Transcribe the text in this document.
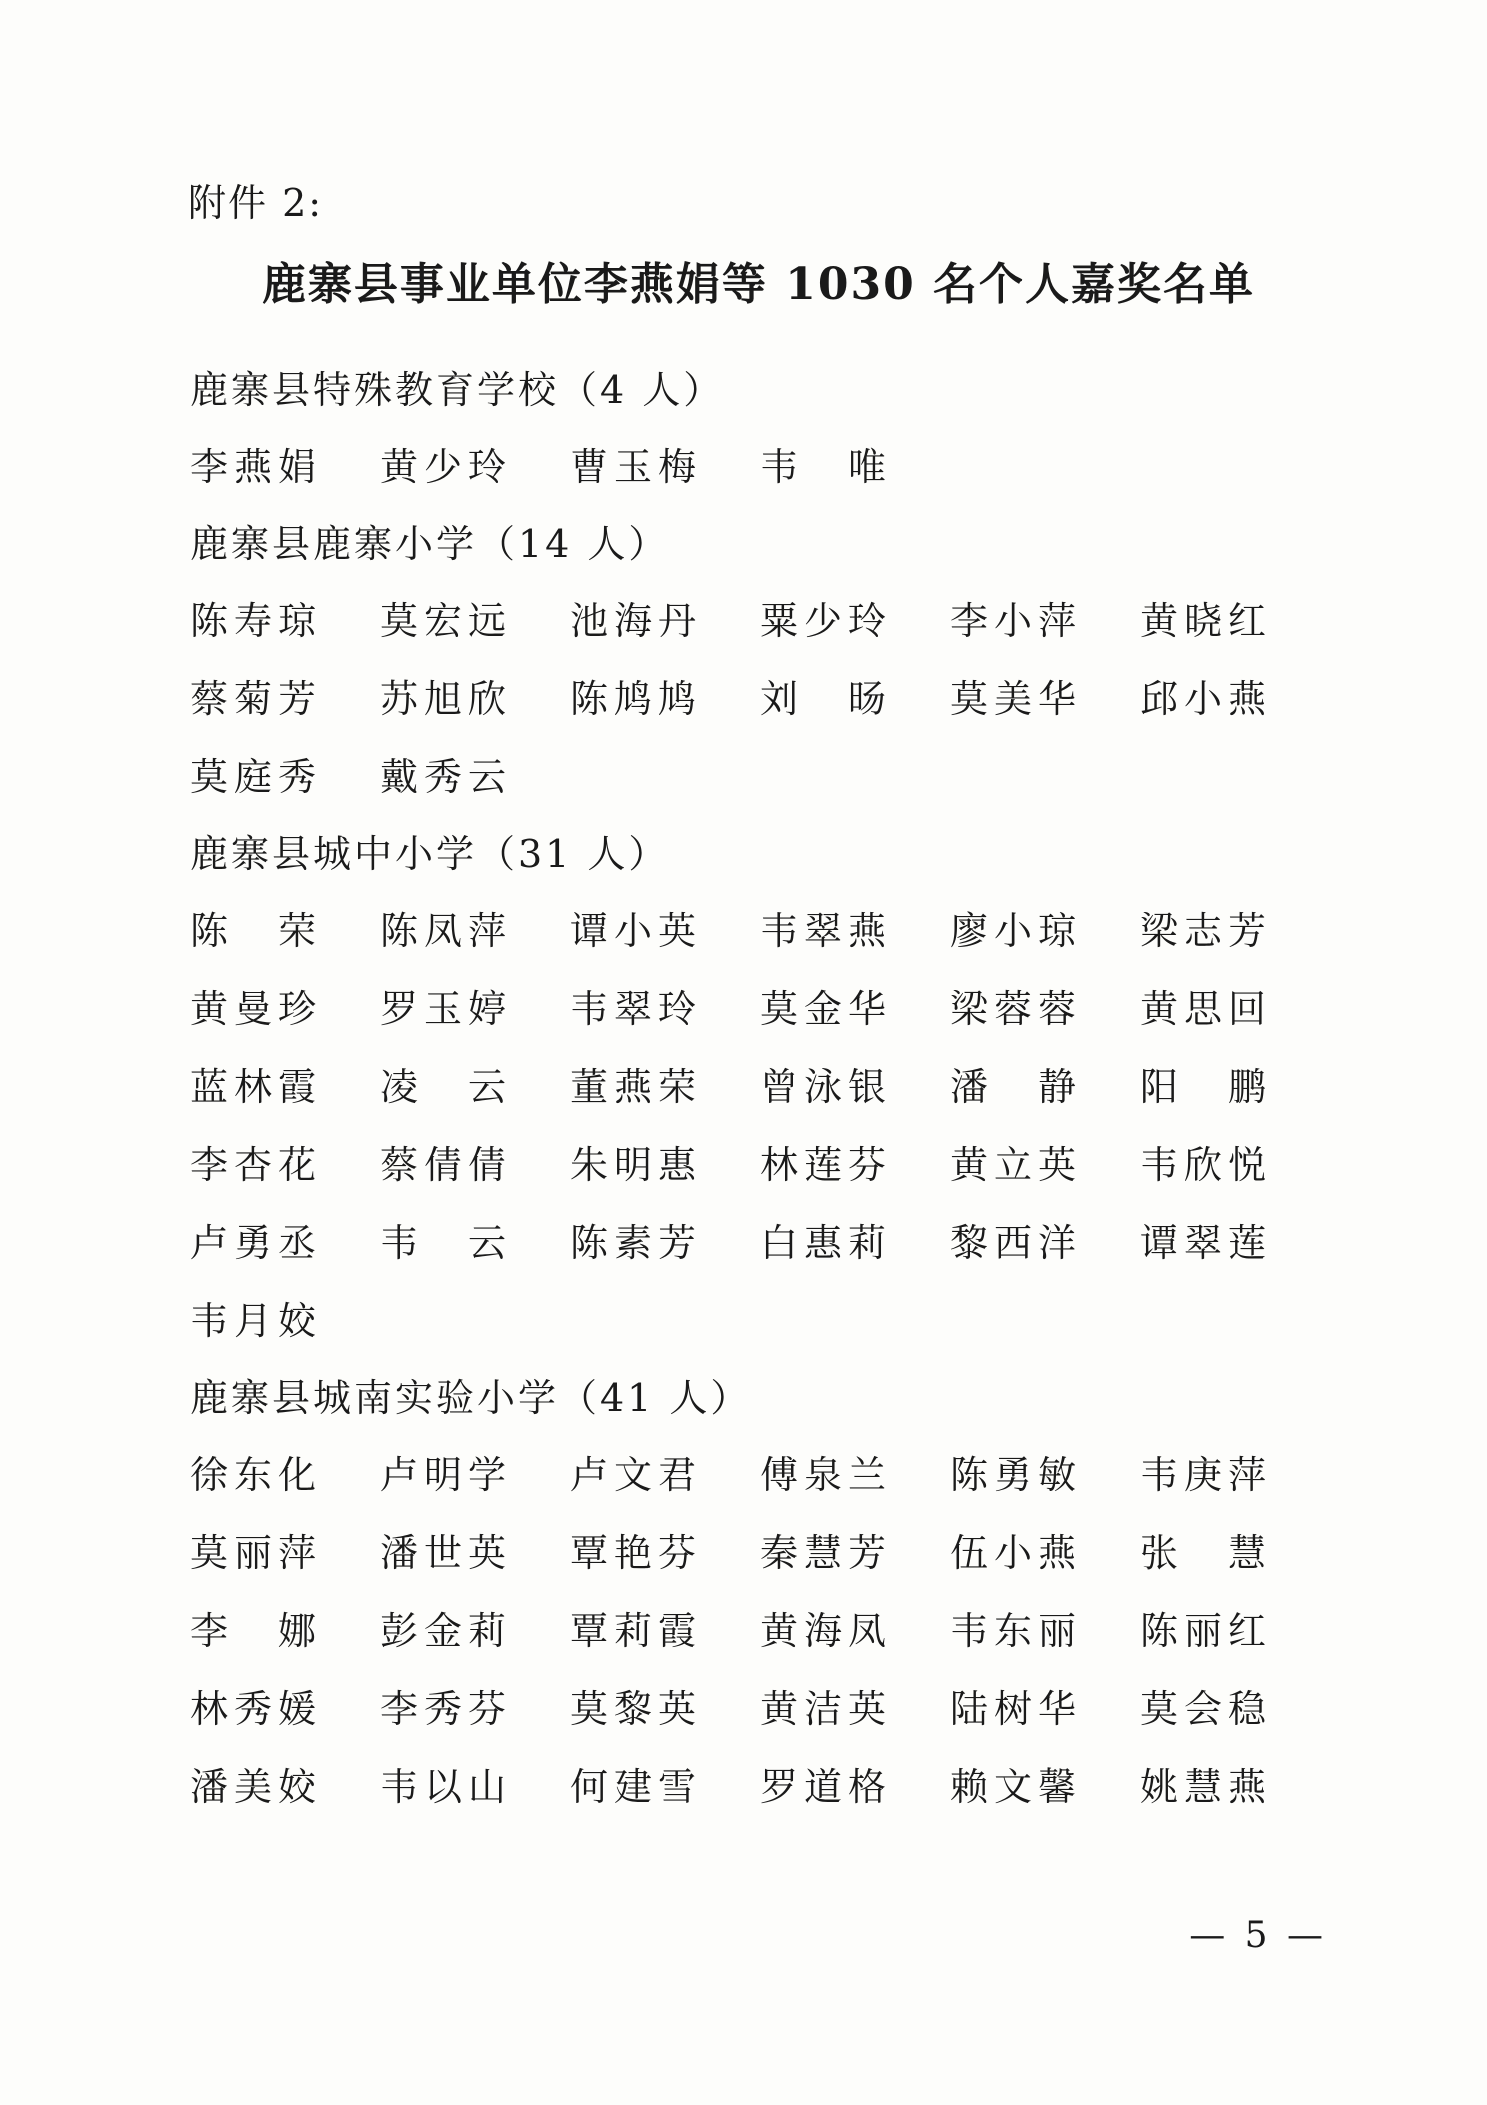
附件 2:
鹿寨县事业单位李燕娟等 1030 名个人嘉奖名单
鹿寨县特殊教育学校（4 人）
李燕娟	黄少玲	曹玉梅	韦　唯
鹿寨县鹿寨小学（14 人）
陈寿琼	莫宏远	池海丹	粟少玲	李小萍	黄晓红
蔡菊芳	苏旭欣	陈鸠鸠	刘　旸	莫美华	邱小燕
莫庭秀	戴秀云
鹿寨县城中小学（31 人）
陈　荣	陈凤萍	谭小英	韦翠燕	廖小琼	梁志芳
黄曼珍	罗玉婷	韦翠玲	莫金华	梁蓉蓉	黄思回
蓝林霞	凌　云	董燕荣	曾泳银	潘　静	阳　鹏
李杏花	蔡倩倩	朱明惠	林莲芬	黄立英	韦欣悦
卢勇丞	韦　云	陈素芳	白惠莉	黎西洋	谭翠莲
韦月姣
鹿寨县城南实验小学（41 人）
徐东化	卢明学	卢文君	傅泉兰	陈勇敏	韦庚萍
莫丽萍	潘世英	覃艳芬	秦慧芳	伍小燕	张　慧
李　娜	彭金莉	覃莉霞	黄海凤	韦东丽	陈丽红
林秀媛	李秀芬	莫黎英	黄洁英	陆树华	莫会稳
潘美姣	韦以山	何建雪	罗道格	赖文馨	姚慧燕
— 5 —
